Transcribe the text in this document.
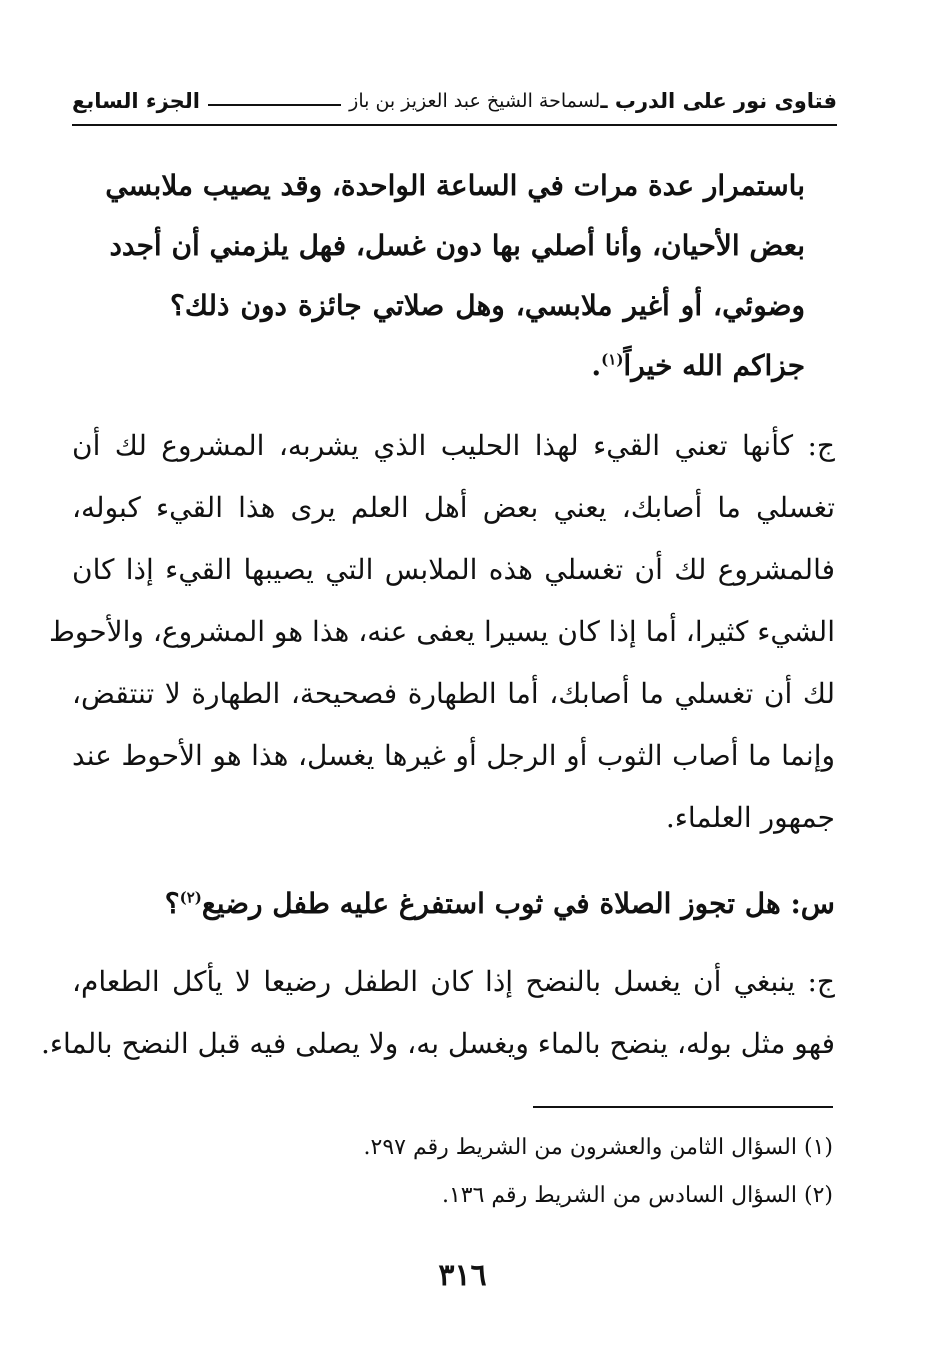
فتاوى نور على الدرب ـ
لسماحة الشيخ عبد العزيز بن باز
الجزء السابع
باستمرار عدة مرات في الساعة الواحدة، وقد يصيب ملابسي
بعض الأحيان، وأنا أصلي بها دون غسل، فهل يلزمني أن أجدد
وضوئي، أو أغير ملابسي، وهل صلاتي جائزة دون ذلك؟
جزاكم الله خيراً$^{(١)}$.
ج: كأنها تعني القيء لهذا الحليب الذي يشربه، المشروع لك أن
تغسلي ما أصابك، يعني بعض أهل العلم يرى هذا القيء كبوله،
فالمشروع لك أن تغسلي هذه الملابس التي يصيبها القيء إذا كان
الشيء كثيرا، أما إذا كان يسيرا يعفى عنه، هذا هو المشروع، والأحوط
لك أن تغسلي ما أصابك، أما الطهارة فصحيحة، الطهارة لا تنتقض،
وإنما ما أصاب الثوب أو الرجل أو غيرها يغسل، هذا هو الأحوط عند
جمهور العلماء.
س: هل تجوز الصلاة في ثوب استفرغ عليه طفل رضيع$^{(٢)}$؟
ج: ينبغي أن يغسل بالنضح إذا كان الطفل رضيعا لا يأكل الطعام،
فهو مثل بوله، ينضح بالماء ويغسل به، ولا يصلى فيه قبل النضح بالماء.
(١) السؤال الثامن والعشرون من الشريط رقم ٢٩٧.
(٢) السؤال السادس من الشريط رقم ١٣٦.
٣١٦
